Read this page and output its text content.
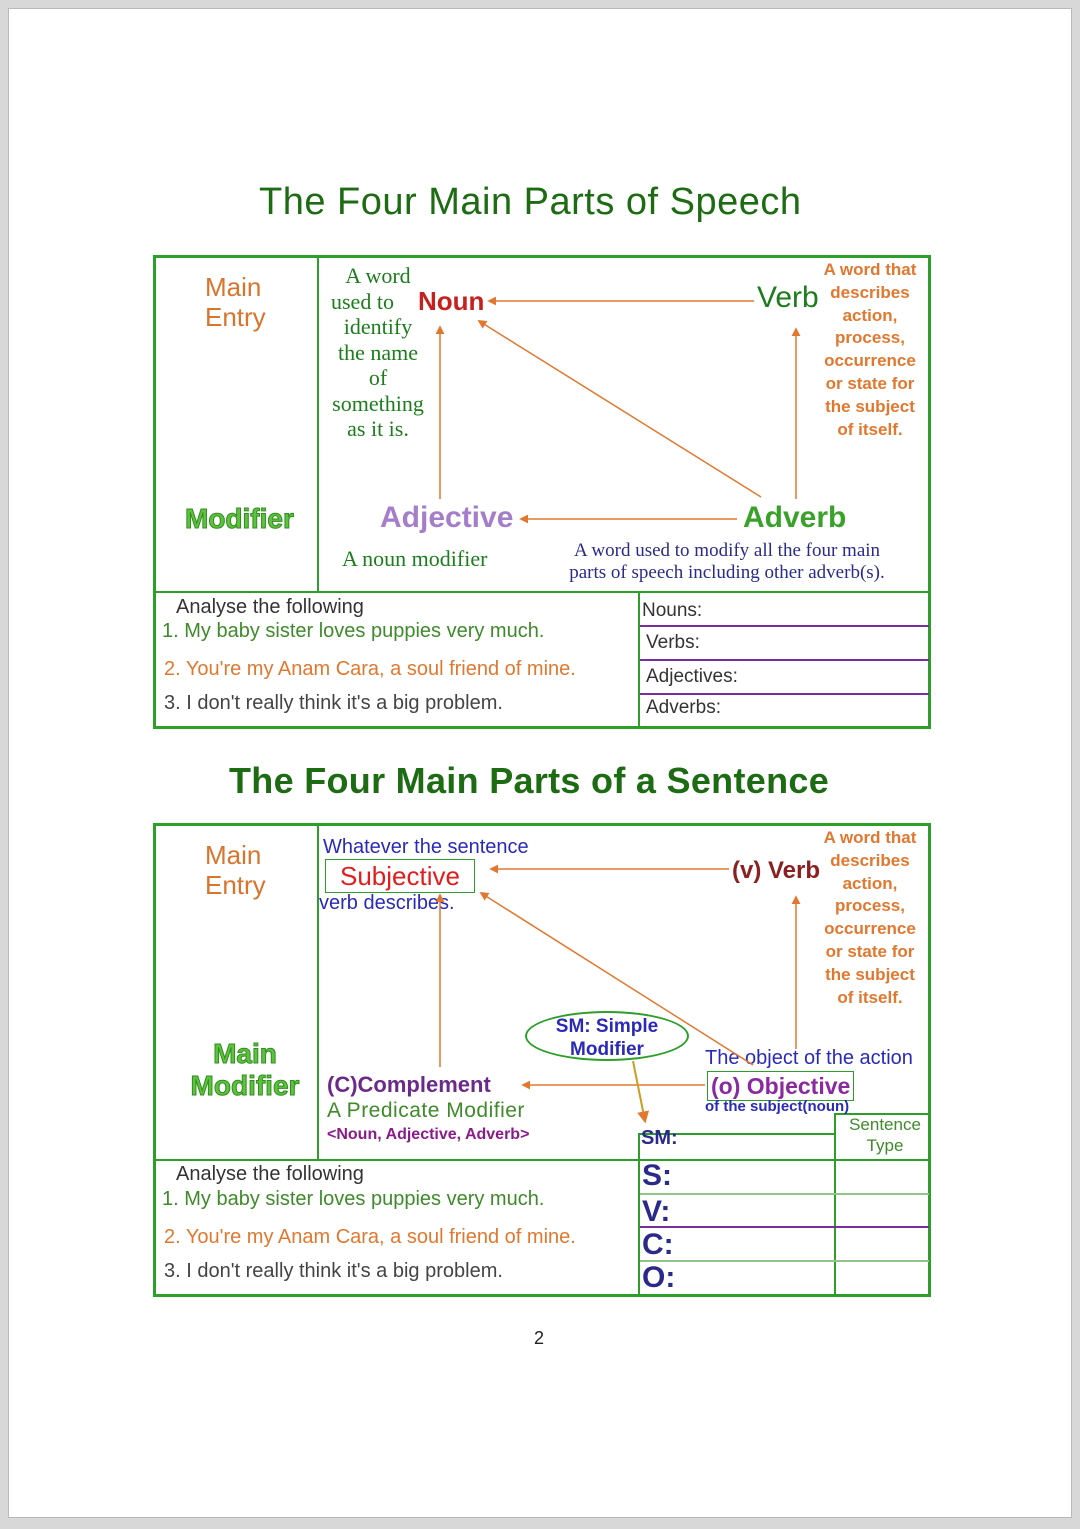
The Four Main Parts of Speech
Main
Entry
Modifier
A word
used to
identify
the name
of
something
as it is.
Noun	Verb
A word that
describes
action,
process,
occurrence
or state for
the subject
of itself.
Adjective	Adverb
A noun modifier	A word used to modify all the four main
parts of speech including other adverb(s).
Analyse the following
1. My baby sister loves puppies very much.
2. You're my Anam Cara, a soul friend of mine.
3. I don't really think it's a big problem.
Nouns:
Verbs:
Adjectives:
Adverbs:
The Four Main Parts of a Sentence
Main
Entry
Main
Modifier
Whatever the sentence
Subjective
verb describes.
(v) Verb
A word that
describes
action,
process,
occurrence
or state for
the subject
of itself.
SM: Simple
Modifier	The object of the action
(o) Objective
of the subject(noun)
(C)Complement
A Predicate Modifier
<Noun, Adjective, Adverb>
Sentence
Type
Analyse the following
1. My baby sister loves puppies very much.
2. You're my Anam Cara, a soul friend of mine.
3. I don't really think it's a big problem.
SM:
S:
V:
C:
O:
2
